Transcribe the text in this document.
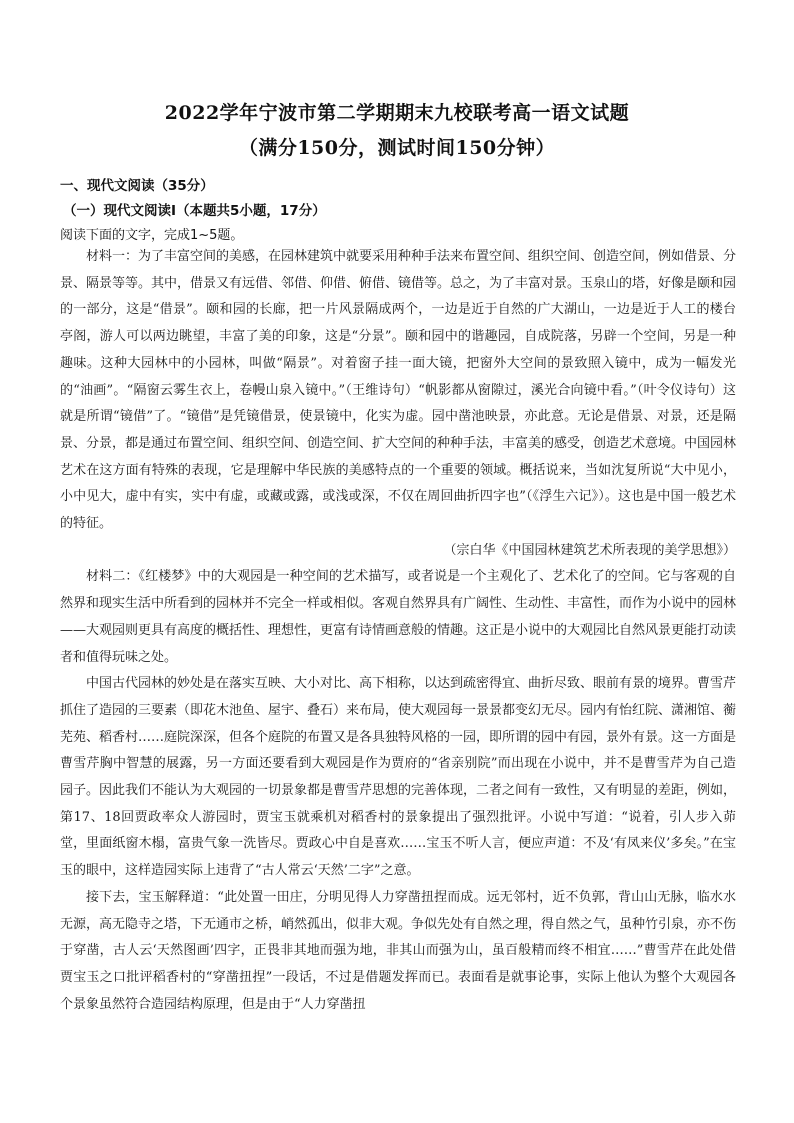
2022学年宁波市第二学期期末九校联考高一语文试题
（满分150分，测试时间150分钟）
一、现代文阅读（35分）
（一）现代文阅读Ⅰ（本题共5小题，17分）
阅读下面的文字，完成1~5题。

材料一：为了丰富空间的美感，在园林建筑中就要采用种种手法来布置空间、组织空间、创造空间，例如借景、分景、隔景等等。其中，借景又有远借、邻借、仰借、俯借、镜借等。总之，为了丰富对景。玉泉山的塔，好像是颐和园的一部分，这是“借景”。颐和园的长廊，把一片风景隔成两个，一边是近于自然的广大湖山，一边是近于人工的楼台亭阁，游人可以两边眺望，丰富了美的印象，这是“分景”。颐和园中的谐趣园，自成院落，另辟一个空间，另是一种趣味。这种大园林中的小园林，叫做“隔景”。对着窗子挂一面大镜，把窗外大空间的景致照入镜中，成为一幅发光的“油画”。“隔窗云雾生衣上，卷幔山泉入镜中。”（王维诗句）“帆影都从窗隙过，溪光合向镜中看。”（叶令仪诗句）这就是所谓“镜借”了。“镜借”是凭镜借景，使景镜中，化实为虚。园中凿池映景，亦此意。无论是借景、对景，还是隔景、分景，都是通过布置空间、组织空间、创造空间、扩大空间的种种手法，丰富美的感受，创造艺术意境。中国园林艺术在这方面有特殊的表现，它是理解中华民族的美感特点的一个重要的领域。概括说来，当如沈复所说“大中见小，小中见大，虚中有实，实中有虚，或藏或露，或浅或深，不仅在周回曲折四字也”（《浮生六记》）。这也是中国一般艺术的特征。

（宗白华《中国园林建筑艺术所表现的美学思想》）

材料二：《红楼梦》中的大观园是一种空间的艺术描写，或者说是一个主观化了、艺术化了的空间。它与客观的自然界和现实生活中所看到的园林并不完全一样或相似。客观自然界具有广阔性、生动性、丰富性，而作为小说中的园林——大观园则更具有高度的概括性、理想性，更富有诗情画意般的情趣。这正是小说中的大观园比自然风景更能打动读者和值得玩味之处。

中国古代园林的妙处是在落实互映、大小对比、高下相称，以达到疏密得宜、曲折尽致、眼前有景的境界。曹雪芹抓住了造园的三要素（即花木池鱼、屋宇、叠石）来布局，使大观园每一景景都变幻无尽。园内有怡红院、潇湘馆、蘅芜苑、稻香村……庭院深深，但各个庭院的布置又是各具独特风格的一园，即所谓的园中有园，景外有景。这一方面是曹雪芹胸中智慧的展露，另一方面还要看到大观园是作为贾府的“省亲别院”而出现在小说中，并不是曹雪芹为自己造园子。因此我们不能认为大观园的一切景象都是曹雪芹思想的完善体现，二者之间有一致性，又有明显的差距，例如，第17、18回贾政率众人游园时，贾宝玉就乘机对稻香村的景象提出了强烈批评。小说中写道：“说着，引人步入茆堂，里面纸窗木榻，富贵气象一洗皆尽。贾政心中自是喜欢……宝玉不听人言，便应声道：不及‘有凤来仪’多矣。”在宝玉的眼中，这样造园实际上违背了“古人常云‘天然’二字”之意。

接下去，宝玉解释道：“此处置一田庄，分明见得人力穿凿扭捏而成。远无邻村，近不负郭，背山山无脉，临水水无源，高无隐寺之塔，下无通市之桥，峭然孤出，似非大观。争似先处有自然之理，得自然之气，虽种竹引泉，亦不伤于穿凿，古人云‘天然图画’四字，正畏非其地而强为地，非其山而强为山，虽百般精而终不相宜……”曹雪芹在此处借贾宝玉之口批评稻香村的“穿凿扭捏”一段话，不过是借题发挥而已。表面看是就事论事，实际上他认为整个大观园各个景象虽然符合造园结构原理，但是由于“人力穿凿扭
